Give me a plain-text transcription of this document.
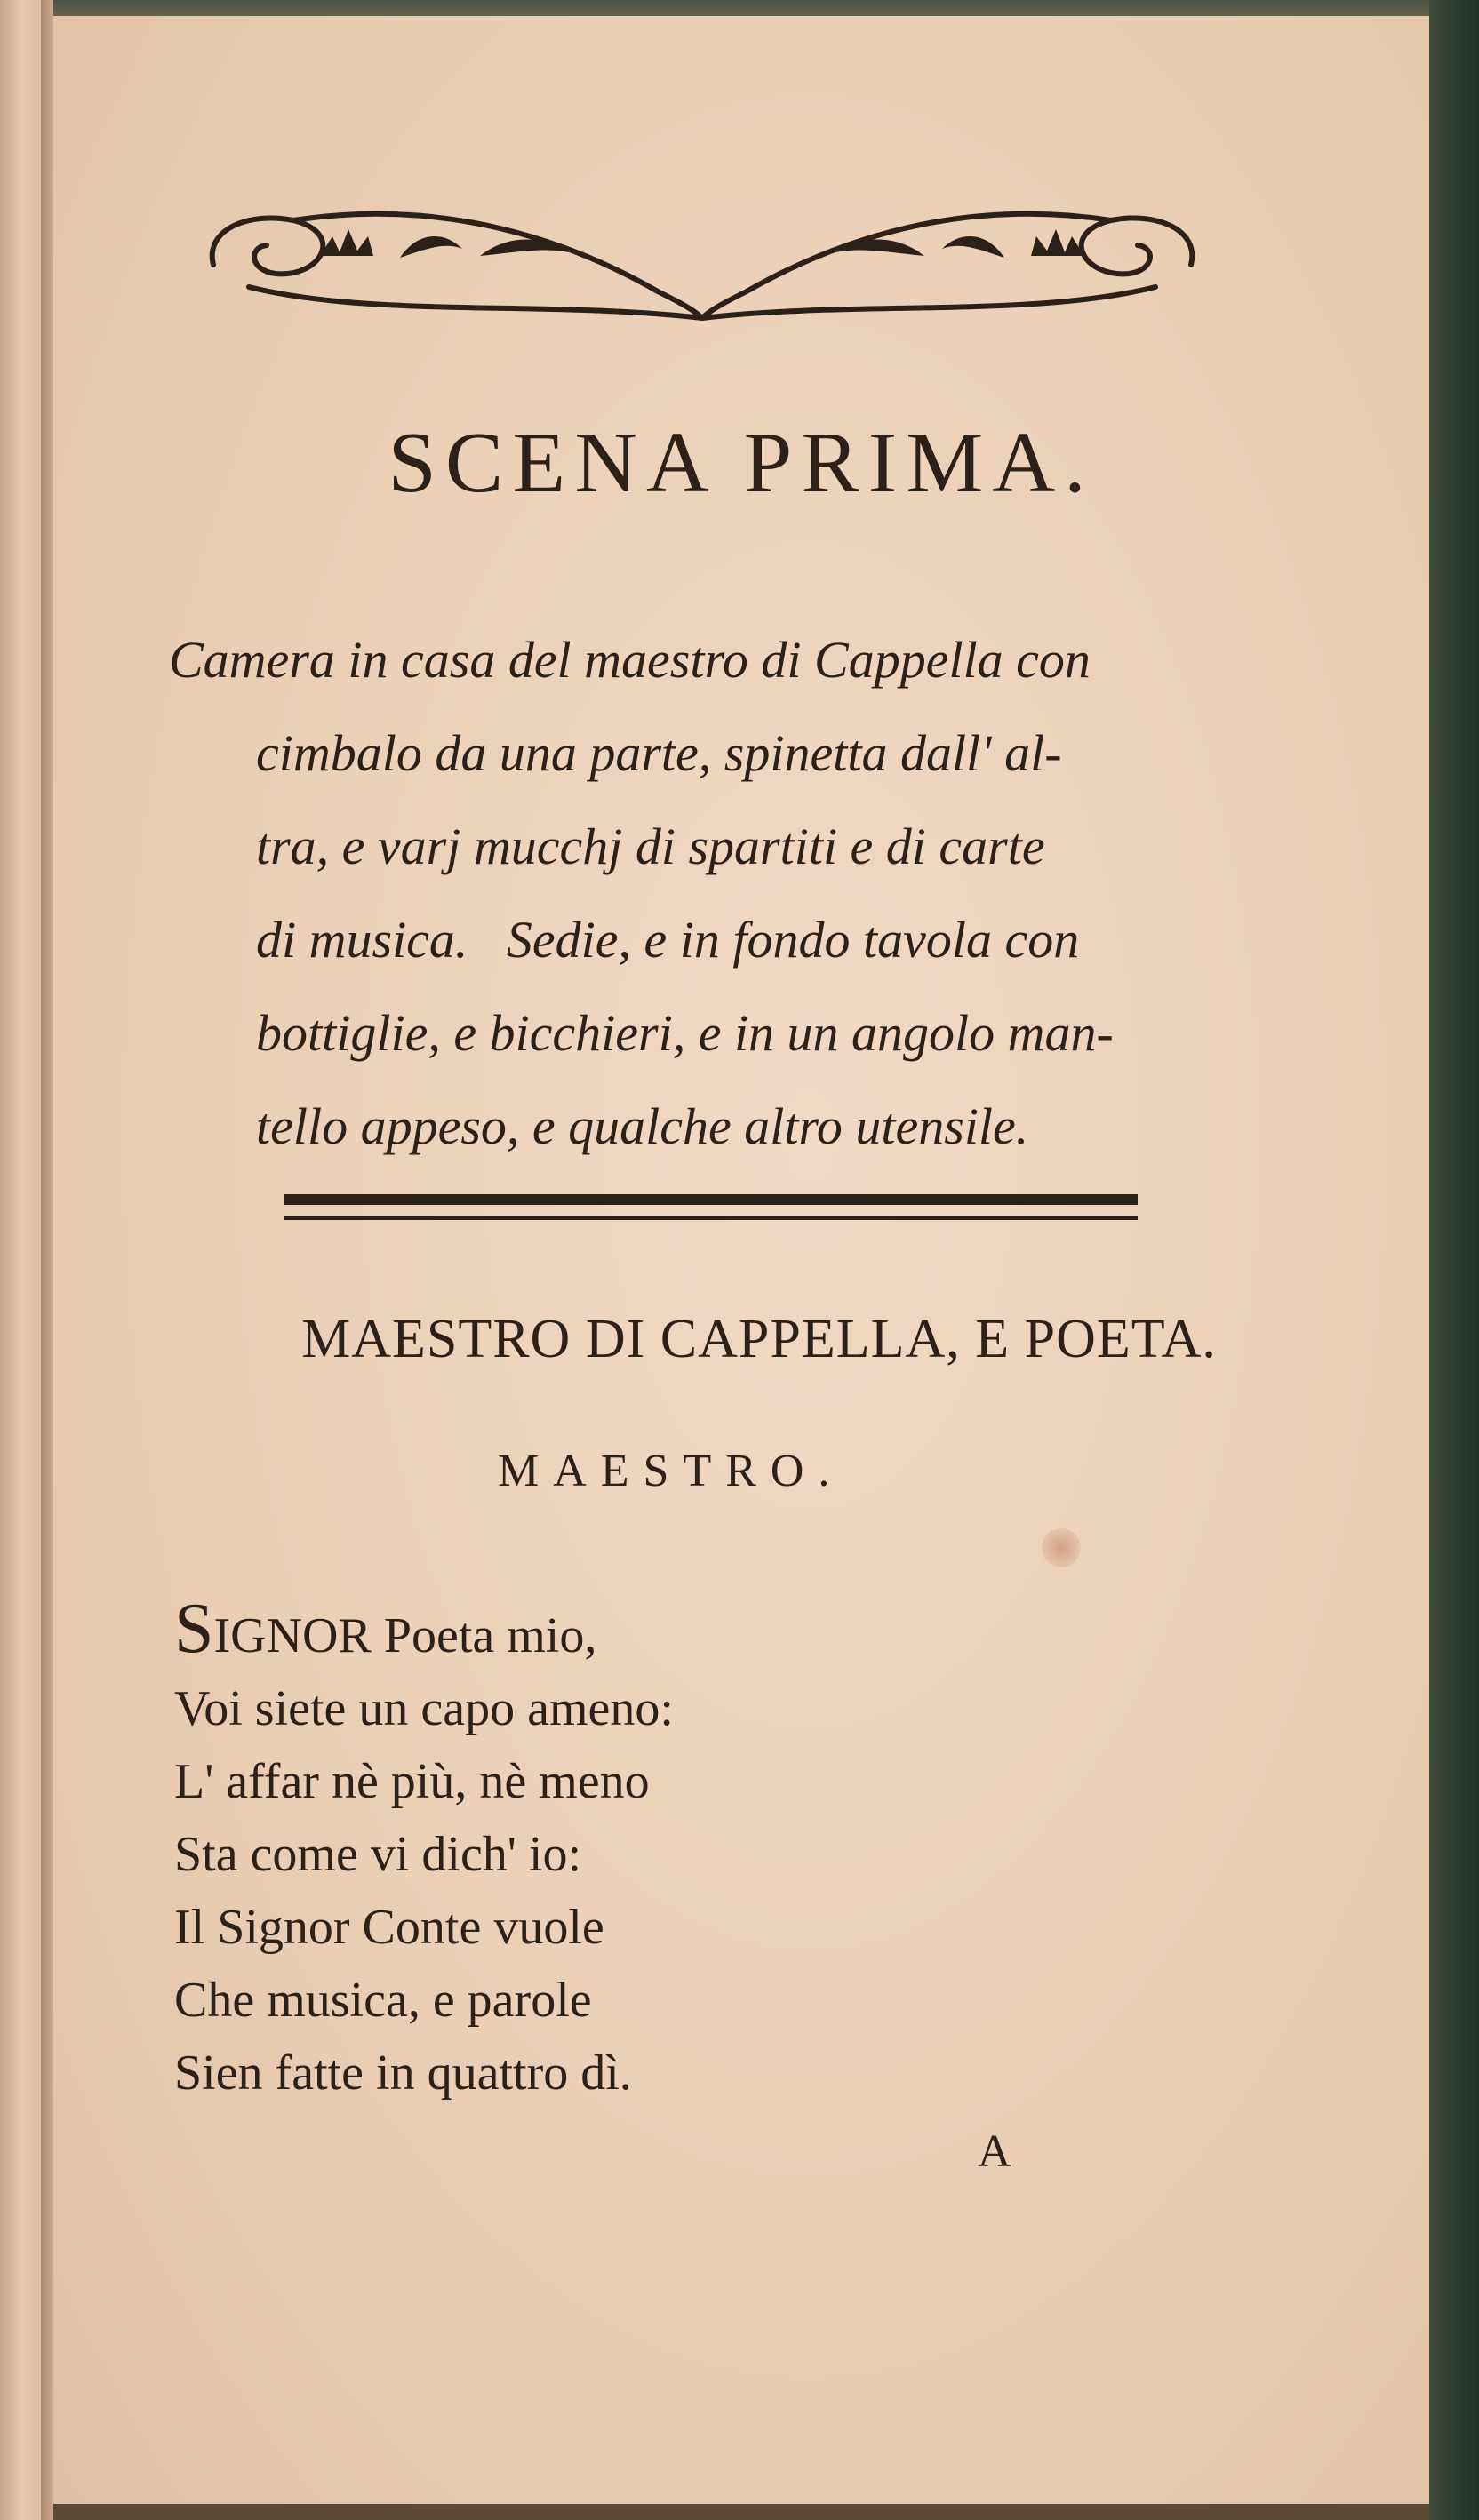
SCENA PRIMA.
Camera in casa del maestro di Cappella con
cimbalo da una parte, spinetta dall' al-
tra, e varj mucchj di spartiti e di carte
di musica.   Sedie, e in fondo tavola con
bottiglie, e bicchieri, e in un angolo man-
tello appeso, e qualche altro utensile.
MAESTRO DI CAPPELLA, E POETA.
MAESTRO.
SIGNOR Poeta mio,
Voi siete un capo ameno:
L' affar nè più, nè meno
Sta come vi dich' io:
Il Signor Conte vuole
Che musica, e parole
Sien fatte in quattro dì.
A
